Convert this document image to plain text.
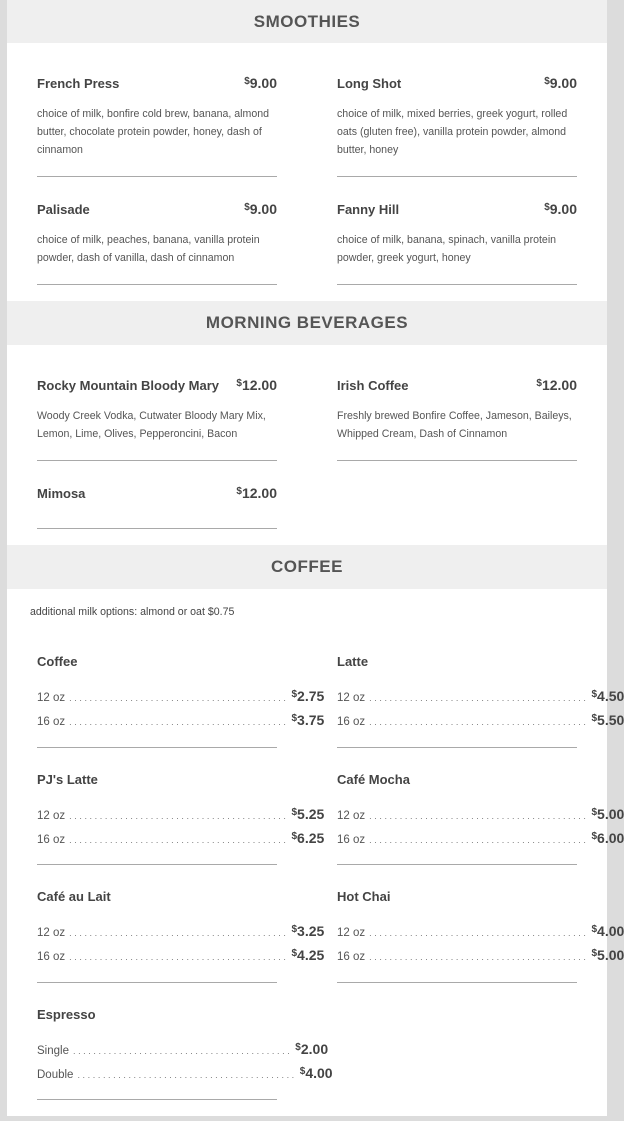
SMOOTHIES
French Press	$9.00
choice of milk, bonfire cold brew, banana, almond butter, chocolate protein powder, honey, dash of cinnamon
Long Shot	$9.00
choice of milk, mixed berries, greek yogurt, rolled oats (gluten free), vanilla protein powder, almond butter, honey
Palisade	$9.00
choice of milk, peaches, banana, vanilla protein powder, dash of vanilla, dash of cinnamon
Fanny Hill	$9.00
choice of milk, banana, spinach, vanilla protein powder, greek yogurt, honey
MORNING BEVERAGES
Rocky Mountain Bloody Mary $12.00
Woody Creek Vodka, Cutwater Bloody Mary Mix, Lemon, Lime, Olives, Pepperoncini, Bacon
Irish Coffee	$12.00
Freshly brewed Bonfire Coffee, Jameson, Baileys, Whipped Cream, Dash of Cinnamon
Mimosa	$12.00
COFFEE
additional milk options: almond or oat $0.75
Coffee
12 oz ........................................... $2.75
16 oz ........................................... $3.75
Latte
12 oz ........................................... $4.50
16 oz ........................................... $5.50
PJ's Latte
12 oz ........................................... $5.25
16 oz ........................................... $6.25
Café Mocha
12 oz ........................................... $5.00
16 oz ........................................... $6.00
Café au Lait
12 oz ........................................... $3.25
16 oz ........................................... $4.25
Hot Chai
12 oz ........................................... $4.00
16 oz ........................................... $5.00
Espresso
Single ........................................... $2.00
Double ........................................... $4.00
